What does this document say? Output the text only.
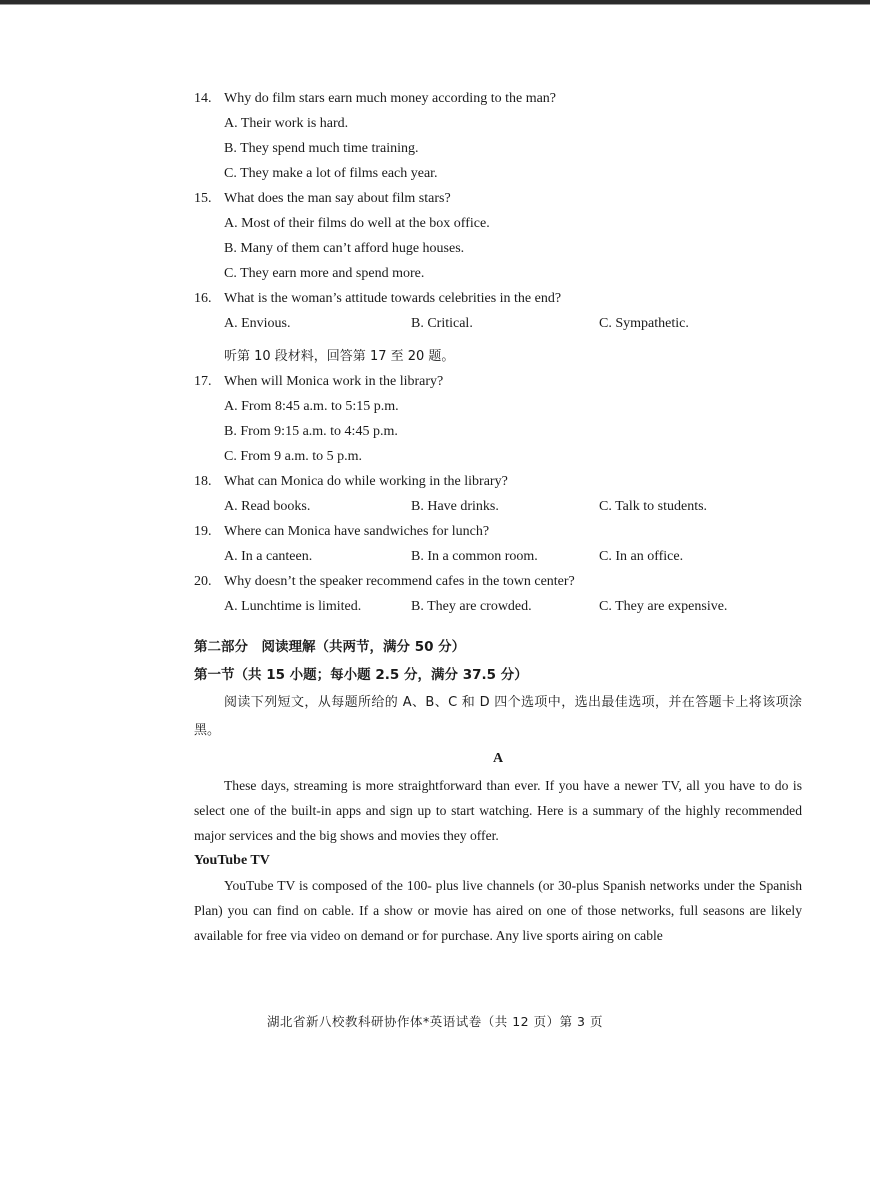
14. Why do film stars earn much money according to the man?
A. Their work is hard.
B. They spend much time training.
C. They make a lot of films each year.
15. What does the man say about film stars?
A. Most of their films do well at the box office.
B. Many of them can’t afford huge houses.
C. They earn more and spend more.
16. What is the woman’s attitude towards celebrities in the end?
A. Envious.	B. Critical.	C. Sympathetic.
听第 10 段材料，回答第 17 至 20 题。
17. When will Monica work in the library?
A. From 8:45 a.m. to 5:15 p.m.
B. From 9:15 a.m. to 4:45 p.m.
C. From 9 a.m. to 5 p.m.
18. What can Monica do while working in the library?
A. Read books.	B. Have drinks.	C. Talk to students.
19. Where can Monica have sandwiches for lunch?
A. In a canteen.	B. In a common room.	C. In an office.
20. Why doesn’t the speaker recommend cafes in the town center?
A. Lunchtime is limited.	B. They are crowded.	C. They are expensive.
第二部分　阅读理解（共两节，满分 50 分）
第一节（共 15 小题；每小题 2.5 分，满分 37.5 分）
阅读下列短文，从每题所给的 A、B、C 和 D 四个选项中，选出最佳选项，并在答题卡上将该项涂黑。
A
These days, streaming is more straightforward than ever. If you have a newer TV, all you have to do is select one of the built-in apps and sign up to start watching. Here is a summary of the highly recommended major services and the big shows and movies they offer.
YouTube TV
YouTube TV is composed of the 100- plus live channels (or 30-plus Spanish networks under the Spanish Plan) you can find on cable. If a show or movie has aired on one of those networks, full seasons are likely available for free via video on demand or for purchase. Any live sports airing on cable
湖北省新八校教科研协作体*英语试卷（共 12 页）第 3 页
